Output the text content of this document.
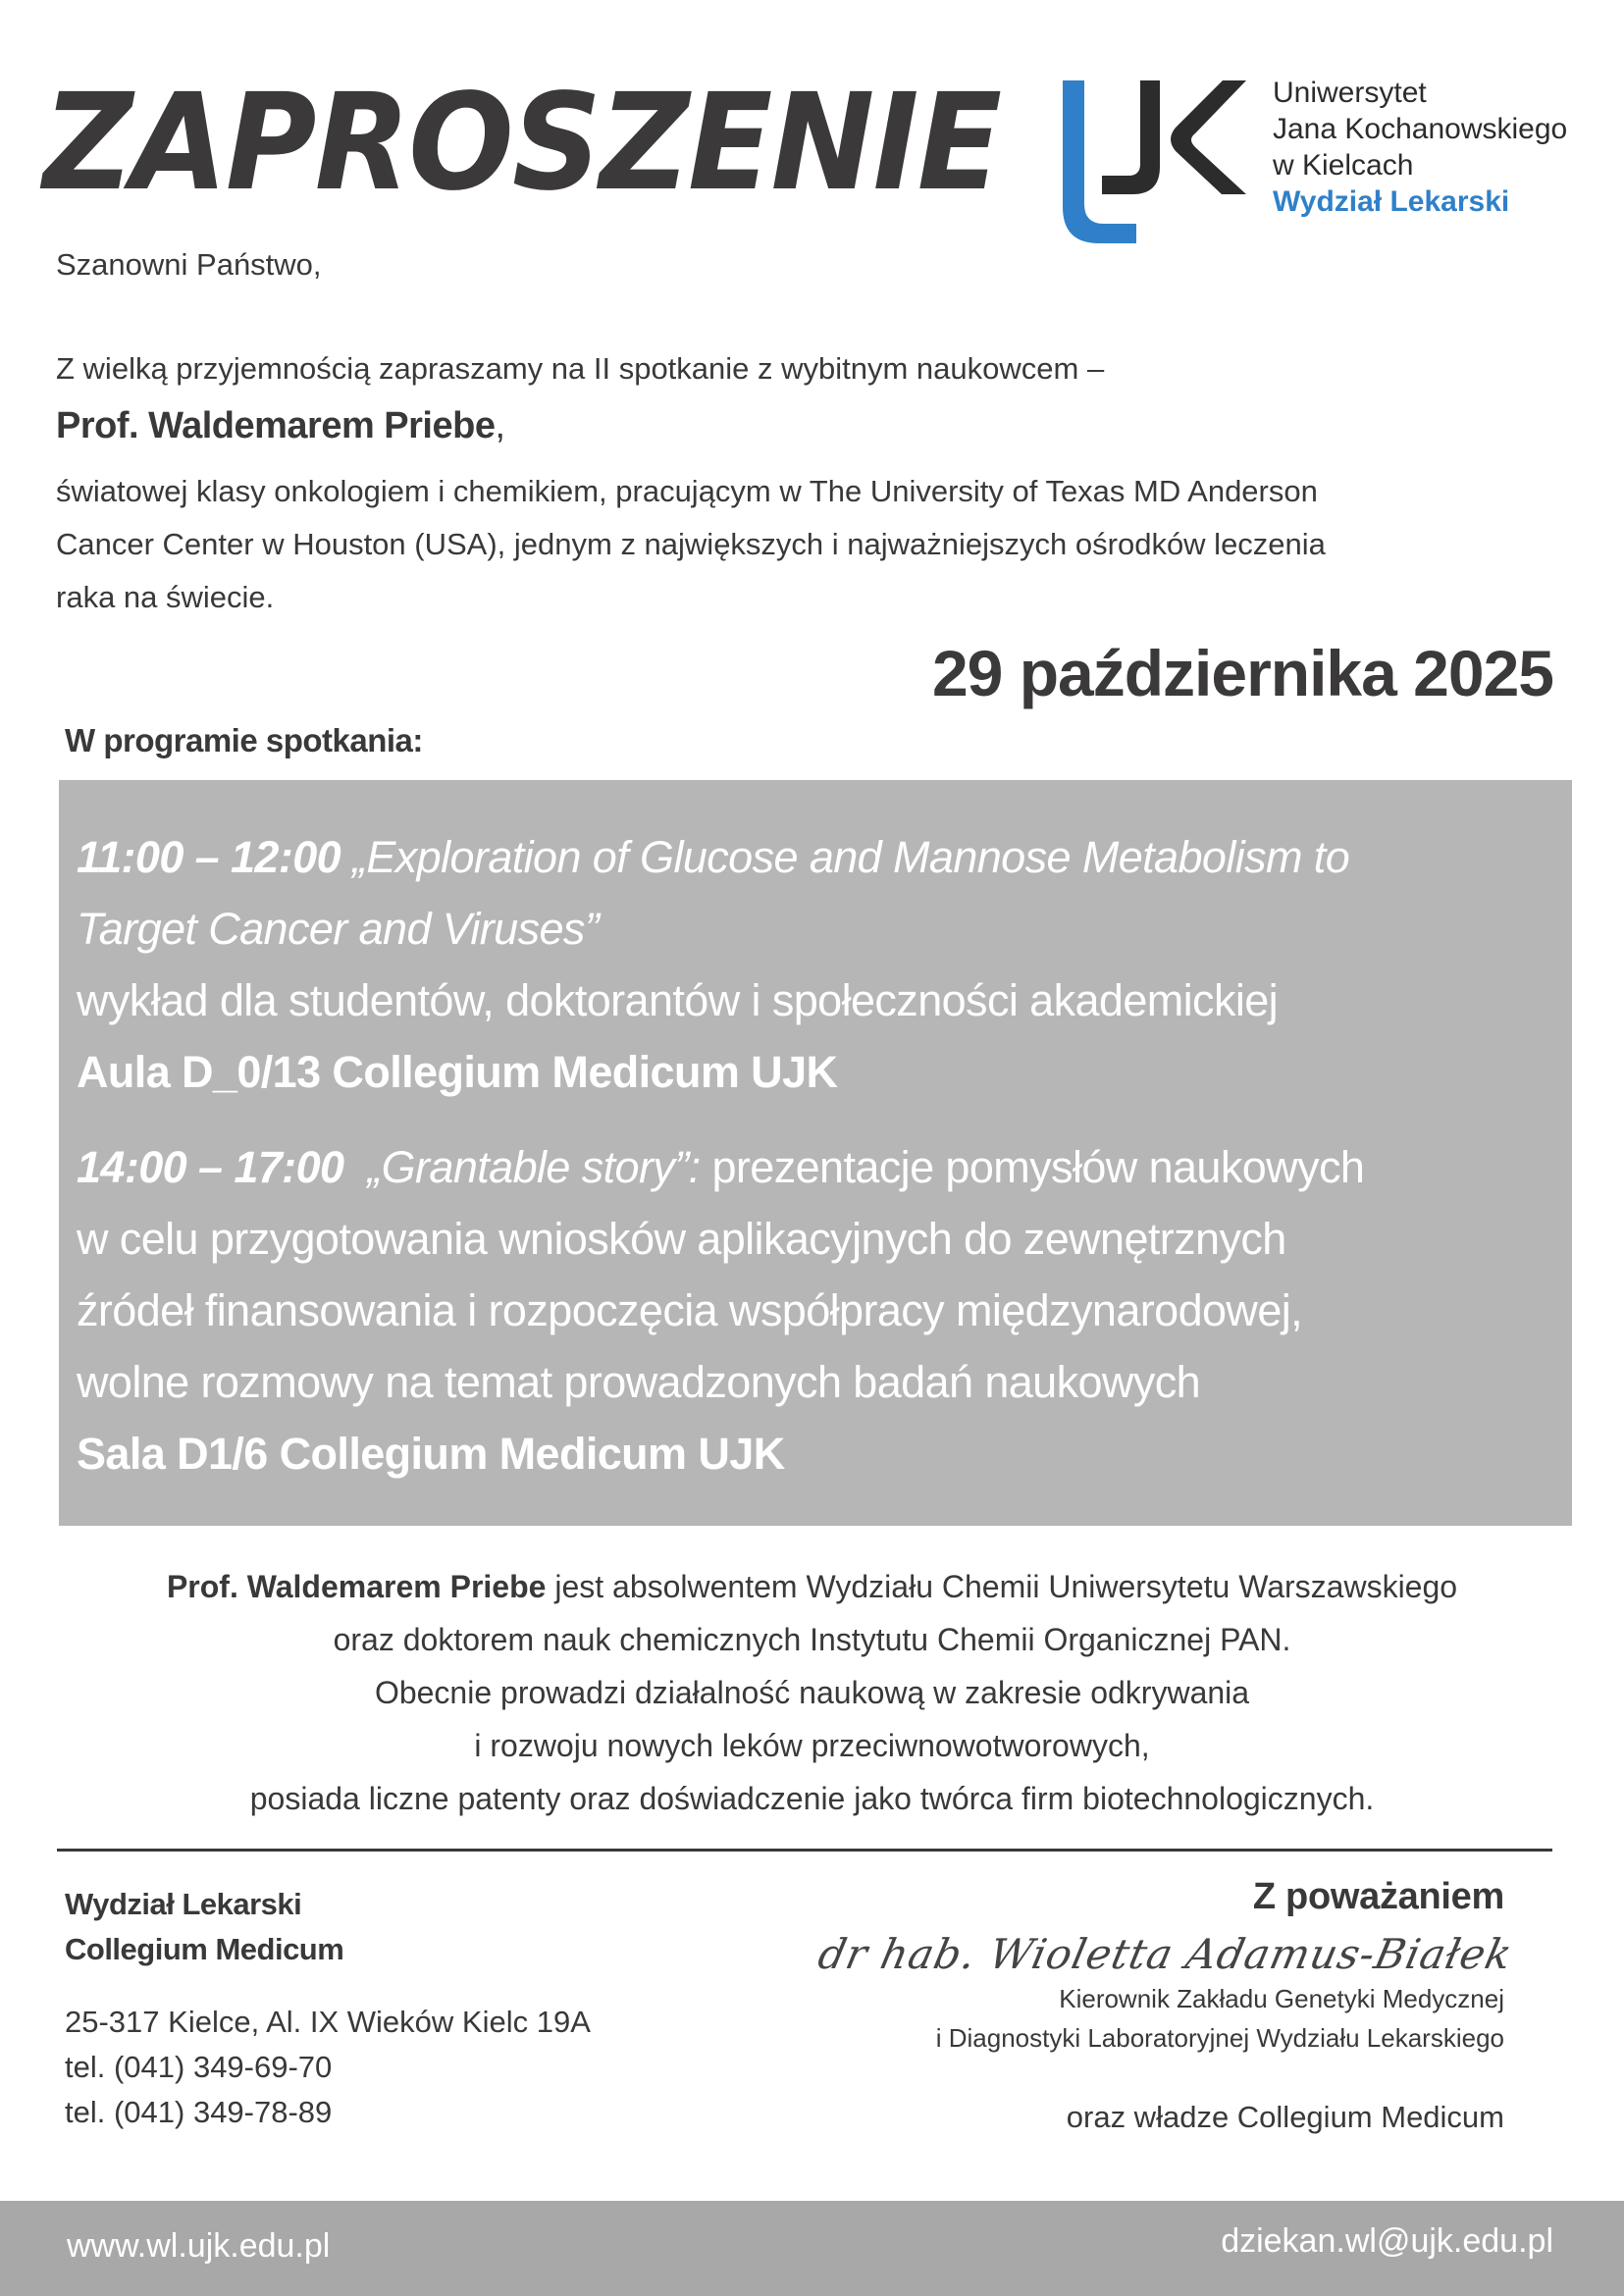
ZAPROSZENIE	Uniwersytet
Jana Kochanowskiego
w Kielcach
Wydział Lekarski
Szanowni Państwo,
Z wielką przyjemnością zapraszamy na II spotkanie z wybitnym naukowcem –
Prof. Waldemarem Priebe,
światowej klasy onkologiem i chemikiem, pracującym w The University of Texas MD Anderson
Cancer Center w Houston (USA), jednym z największych i najważniejszych ośrodków leczenia
raka na świecie.
29 października 2025
W programie spotkania:
11:00 – 12:00 „Exploration of Glucose and Mannose Metabolism to
Target Cancer and Viruses”
wykład dla studentów, doktorantów i społeczności akademickiej
Aula D_0/13 Collegium Medicum UJK
14:00 – 17:00 „Grantable story”: prezentacje pomysłów naukowych
w celu przygotowania wniosków aplikacyjnych do zewnętrznych
źródeł finansowania i rozpoczęcia współpracy międzynarodowej,
wolne rozmowy na temat prowadzonych badań naukowych
Sala D1/6 Collegium Medicum UJK
Prof. Waldemarem Priebe jest absolwentem Wydziału Chemii Uniwersytetu Warszawskiego
oraz doktorem nauk chemicznych Instytutu Chemii Organicznej PAN.
Obecnie prowadzi działalność naukową w zakresie odkrywania
i rozwoju nowych leków przeciwnowotworowych,
posiada liczne patenty oraz doświadczenie jako twórca firm biotechnologicznych.
Wydział Lekarski
Collegium Medicum
25-317 Kielce, Al. IX Wieków Kielc 19A
tel. (041) 349-69-70
tel. (041) 349-78-89
Z poważaniem
dr hab. Wioletta Adamus-Białek
Kierownik Zakładu Genetyki Medycznej
i Diagnostyki Laboratoryjnej Wydziału Lekarskiego
oraz władze Collegium Medicum
www.wl.ujk.edu.pl	dziekan.wl@ujk.edu.pl
